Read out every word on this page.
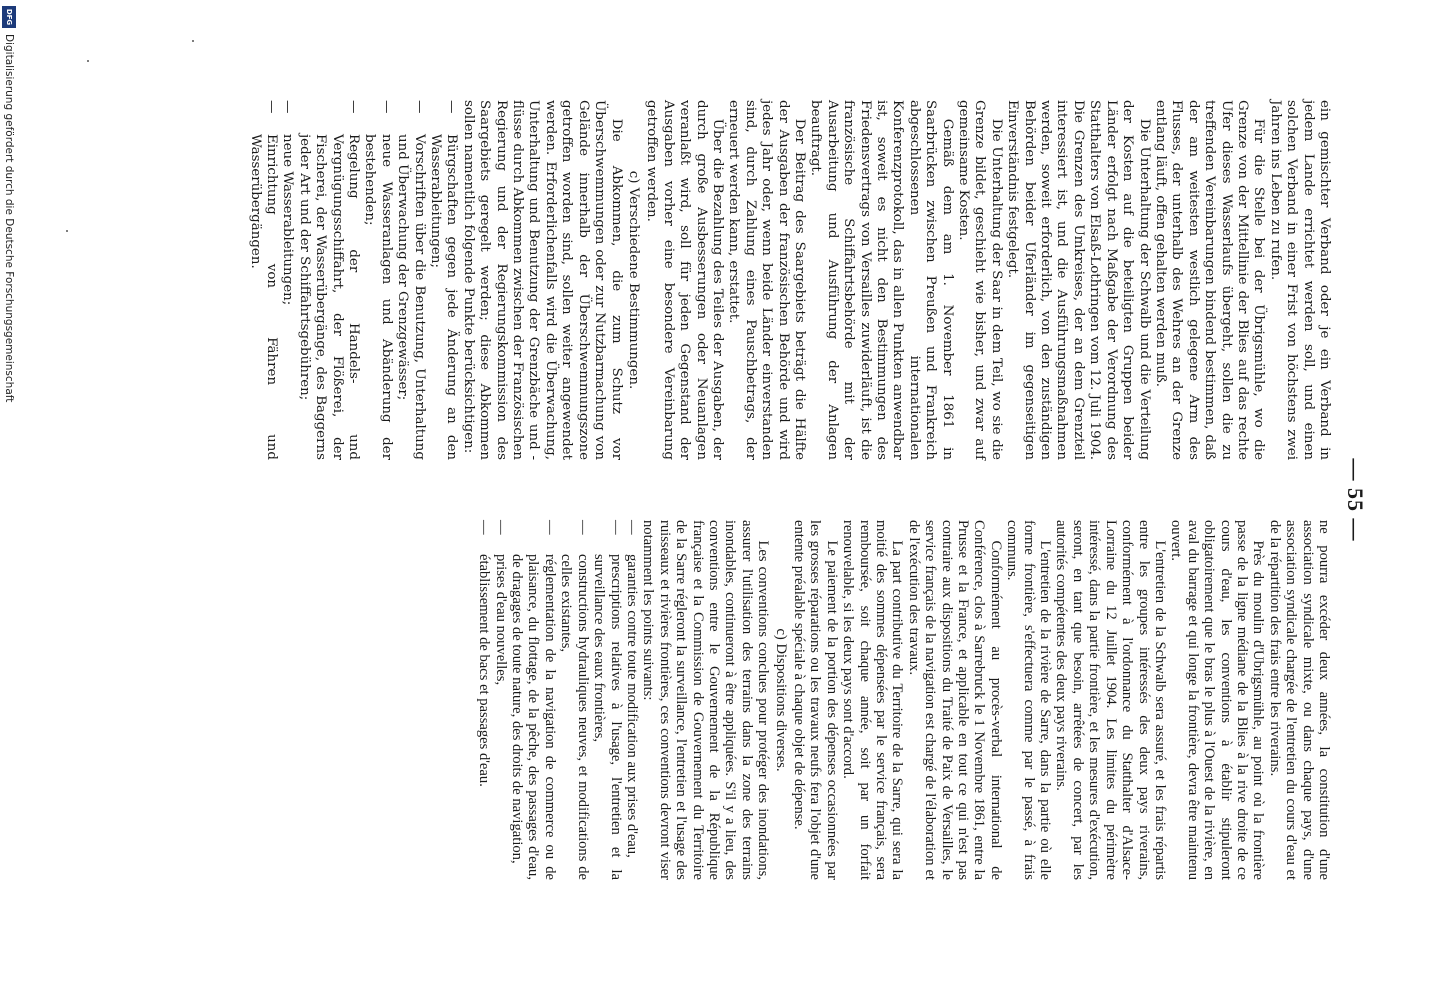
— 55 —

ein gemischter Verband oder je ein Verband in jedem Lande errichtet werden soll, und einen solchen Verband in einer Frist von höchstens zwei Jahren ins Leben zu rufen.

Für die Stelle bei der Übrigsmühle, wo die Grenze von der Mittellinie der Blies auf das rechte Ufer dieses Wasserlaufs übergeht, sollen die zu treffenden Vereinbarungen bindend bestimmen, daß der am weitesten westlich gelegene Arm des Flusses, der unterhalb des Wehres an der Grenze entlang läuft, offen gehalten werden muß.

Die Unterhaltung der Schwalb und die Verteilung der Kosten auf die beteiligten Gruppen beider Länder erfolgt nach Maßgabe der Verordnung des Statthalters von Elsaß-Lothringen vom 12. Juli 1904. Die Grenzen des Umkreises, der an dem Grenzteil interessiert ist, und die Ausführungsmaßnahmen werden, soweit erforderlich, von den zuständigen Behörden beider Uferländer im gegenseitigen Einverständnis festgelegt.

Die Unterhaltung der Saar in dem Teil, wo sie die Grenze bildet, geschieht wie bisher, und zwar auf gemeinsame Kosten.

Gemäß dem am 1. November 1861 in Saarbrücken zwischen Preußen und Frankreich abgeschlossenen internationalen Konferenzprotokoll, das in allen Punkten anwendbar ist, soweit es nicht den Bestimmungen des Friedensvertrags von Versailles zuwiderläuft, ist die französische Schiffahrtsbehörde mit der Ausarbeitung und Ausführung der Anlagen beauftragt.

Der Beitrag des Saargebiets beträgt die Hälfte der Ausgaben der französischen Behörde und wird jedes Jahr oder, wenn beide Länder einverstanden sind, durch Zahlung eines Pauschbetrags, der erneuert werden kann, erstattet.

Über die Bezahlung des Teiles der Ausgaben, der durch große Ausbesserungen oder Neuanlagen veranlaßt wird, soll für jeden Gegenstand der Ausgaben vorher eine besondere Vereinbarung getroffen werden.

c) Verschiedene Bestimmungen.

Die Abkommen, die zum Schutz vor Überschwemmungen oder zur Nutzbarmachung von Gelände innerhalb der Überschwemmungszone getroffen worden sind, sollen weiter angewendet werden. Erforderlichenfalls wird die Überwachung, Unterhaltung und Benutzung der Grenzbäche und -flüsse durch Abkommen zwischen der Französischen Regierung und der Regierungskommission des Saargebiets geregelt werden; diese Abkommen sollen namentlich folgende Punkte berücksichtigen:

— Bürgschaften gegen jede Änderung an den Wasserableitungen;
— Vorschriften über die Benutzung, Unterhaltung und Überwachung der Grenzgewässer;
— neue Wasseranlagen und Abänderung der bestehenden;
— Regelung der Handels- und Vergnügungsschiffahrt, der Flößerei, der Fischerei, der Wasserübergänge, des Baggerns jeder Art und der Schiffahrtsgebühren;
— neue Wasserableitungen;
— Einrichtung von Fähren und Wasserübergängen.

ne pourra excéder deux années, la constitution d'une association syndicale mixte, ou dans chaque pays, d'une association syndicale chargée de l'entretien du cours d'eau et de la répartition des frais entre les riverains.

Près du moulin d'Ubrigsmühle, au point où la frontière passe de la ligne médiane de la Blies à la rive droite de ce cours d'eau, les conventions à établir stipuleront obligatoirement que le bras le plus à l'Ouest de la rivière, en aval du barrage et qui longe la frontière, devra être maintenu ouvert.

L'entretien de la Schwalb sera assuré, et les frais répartis entre les groupes intéressés des deux pays riverains, conformément à l'ordonnance du Statthalter d'Alsace-Lorraine du 12 Juillet 1904. Les limites du périmètre intéressé, dans la partie frontière, et les mesures d'exécution, seront, en tant que besoin, arrêtées de concert, par les autorités compétentes des deux pays riverains.

L'entretien de la rivière de Sarre, dans la partie où elle forme frontière, s'effectuera comme par le passé, à frais communs.

Conformément au procès-verbal international de Conférence, clos à Sarrebruck le 1 Novembre 1861, entre la Prusse et la France, et applicable en tout ce qui n'est pas contraire aux dispositions du Traité de Paix de Versailles, le service français de la navigation est chargé de l'élaboration et de l'exécution des travaux.

La part contributive du Territoire de la Sarre, qui sera la moitié des sommes dépensées par le service français, sera remboursée, soit chaque année, soit par un forfait renouvelable, si les deux pays sont d'accord.

Le paiement de la portion des dépenses occasionnées par les grosses réparations ou les travaux neufs fera l'objet d'une entente préalable spéciale à chaque objet de dépense.

c) Dispositions diverses.

Les conventions conclues pour protéger des inondations, assurer l'utilisation des terrains dans la zone des terrains inondables, continueront à être appliquées. S'il y a lieu, des conventions entre le Gouvernement de la République française et la Commission de Gouvernement du Territoire de la Sarre régleront la surveillance, l'entretien et l'usage des ruisseaux et rivières frontières, ces conventions devront viser notamment les points suivants:

— garanties contre toute modification aux prises d'eau,
— prescriptions relatives à l'usage, l'entretien et la surveillance des eaux frontières,
— constructions hydrauliques neuves, et modifications de celles existantes,
— réglementation de la navigation de commerce ou de plaisance, du flottage, de la pêche, des passages d'eau, de dragages de toute nature, des droits de navigation,
— prises d'eau nouvelles,
— établissement de bacs et passages d'eau.
DFG
Digitalisierung gefördert durch die Deutsche Forschungsgemeinschaft
